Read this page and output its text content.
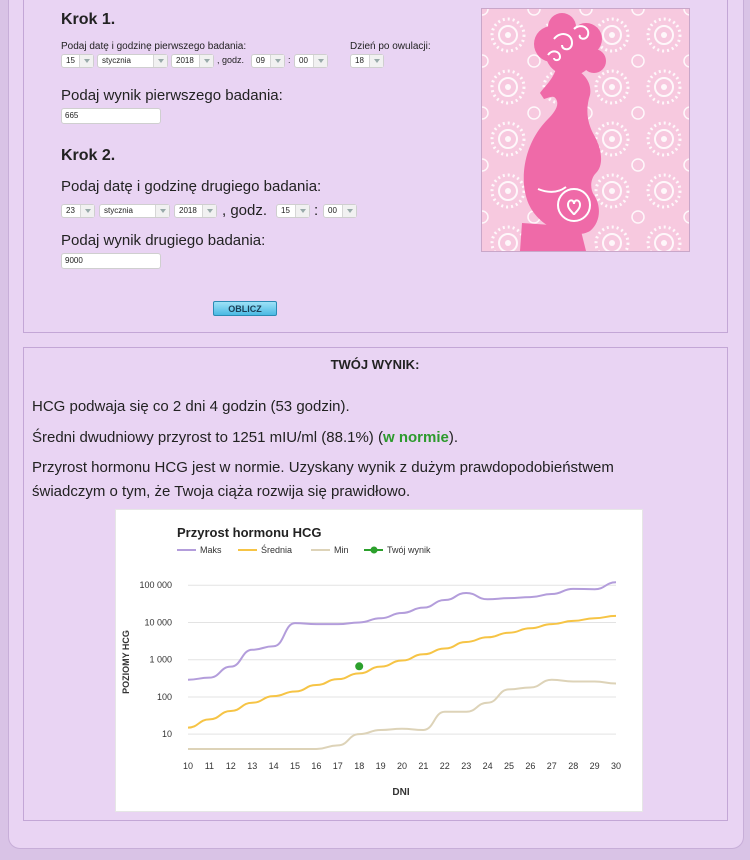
Krok 1.
Podaj datę i godzinę pierwszego badania:	Dzień po owulacji:
15	stycznia	2018	, godz.	09	:	00	18
Podaj wynik pierwszego badania:
665
Krok 2.
Podaj datę i godzinę drugiego badania:
23	stycznia	2018	, godz.	15	:	00
Podaj wynik drugiego badania:
9000
OBLICZ
TWÓJ WYNIK:
HCG podwaja się co 2 dni 4 godzin (53 godzin).
Średni dwudniowy przyrost to 1251 mIU/ml (88.1%) (w normie).
Przyrost hormonu HCG jest w normie. Uzyskany wynik z dużym prawdopodobieństwem
świadczym o tym, że Twoja ciąża rozwija się prawidłowo.
Przyrost hormonu HCG
Maks	Średnia	Min	Twój wynik
10
100
1 000
10 000
100 000
10 11 12 13 14 15 16 17 18 19 20 21 22 23 24 25 26 27 28 29 30
DNI
POZIOMY HCG
